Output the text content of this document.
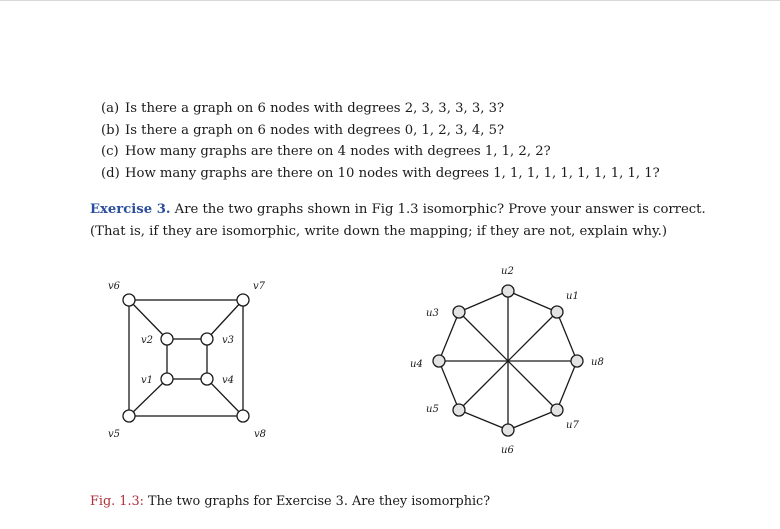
(a) Is there a graph on 6 nodes with degrees 2, 3, 3, 3, 3, 3?
(b) Is there a graph on 6 nodes with degrees 0, 1, 2, 3, 4, 5?
(c) How many graphs are there on 4 nodes with degrees 1, 1, 2, 2?
(d) How many graphs are there on 10 nodes with degrees 1, 1, 1, 1, 1, 1, 1, 1, 1, 1?
Exercise 3. Are the two graphs shown in Fig 1.3 isomorphic? Prove your answer is correct.
(That is, if they are isomorphic, write down the mapping; if they are not, explain why.)
v6	v7
v5	v8
v2	v3
v1	v4
u2
u1
u8
u7
u6
u5
u4
u3
Fig. 1.3: The two graphs for Exercise 3. Are they isomorphic?
